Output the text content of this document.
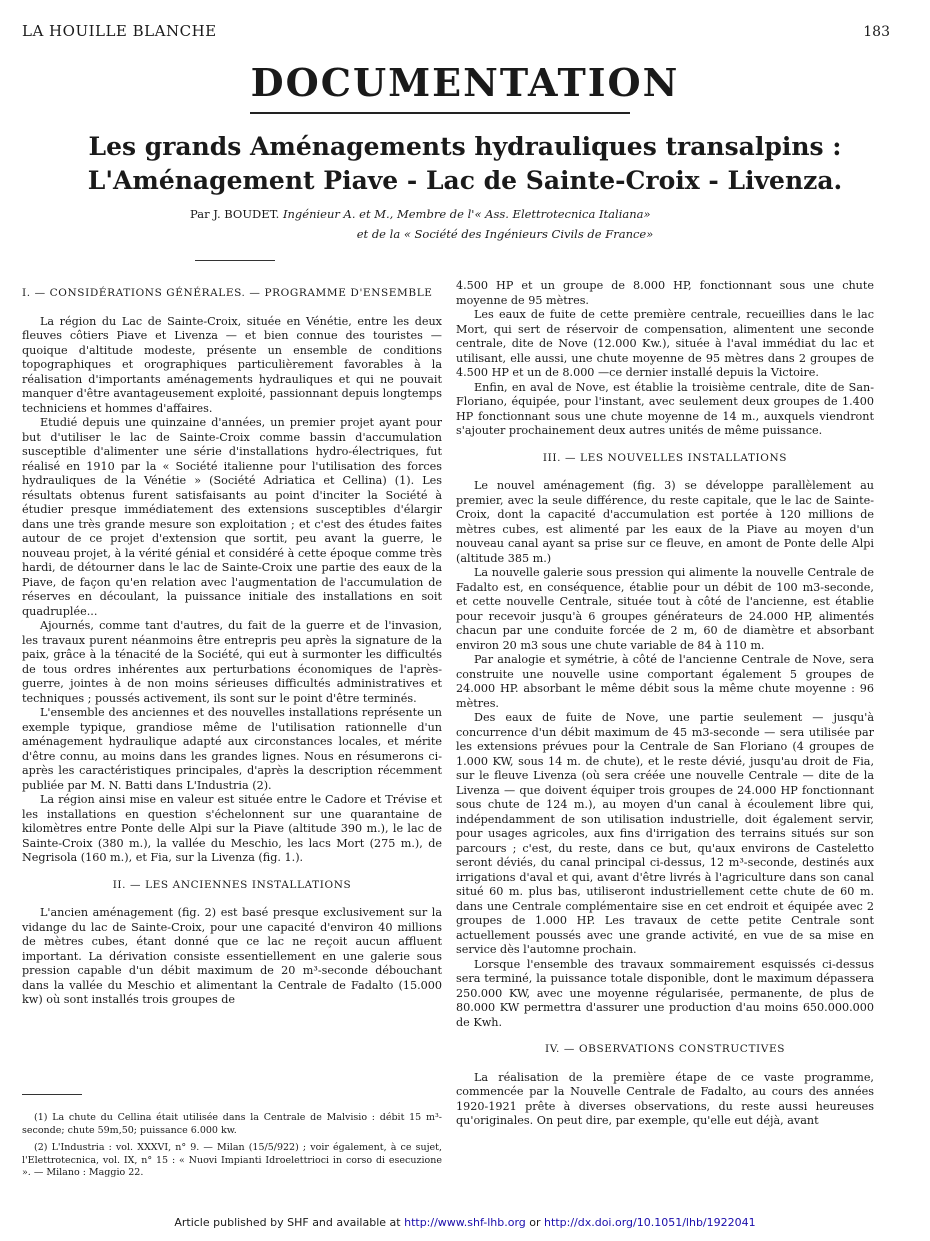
LA HOUILLE BLANCHE	183
DOCUMENTATION
Les grands Aménagements hydrauliques transalpins :
L'Aménagement Piave - Lac de Sainte-Croix - Livenza.
Par J. BOUDET. Ingénieur A. et M., Membre de l'« Ass. Elettrotecnica Italiana»
et de la « Société des Ingénieurs Civils de France»
I. — CONSIDÉRATIONS GÉNÉRALES. — PROGRAMME D'ENSEMBLE

La région du Lac de Sainte-Croix, située en Vénétie, entre les deux fleuves côtiers Piave et Livenza — et bien connue des touristes — quoique d'altitude modeste, présente un ensemble de conditions topographiques et orographiques particulièrement favorables à la réalisation d'importants aménagements hydrauliques et qui ne pouvait manquer d'être avantageusement exploité, passionnant depuis longtemps techniciens et hommes d'affaires.

Etudié depuis une quinzaine d'années, un premier projet ayant pour but d'utiliser le lac de Sainte-Croix comme bassin d'accumulation susceptible d'alimenter une série d'installations hydro-électriques, fut réalisé en 1910 par la « Société italienne pour l'utilisation des forces hydrauliques de la Vénétie » (Société Adriatica et Cellina) (1). Les résultats obtenus furent satisfaisants au point d'inciter la Société à étudier presque immédiatement des extensions susceptibles d'élargir dans une très grande mesure son exploitation ; et c'est des études faites autour de ce projet d'extension que sortit, peu avant la guerre, le nouveau projet, à la vérité génial et considéré à cette époque comme très hardi, de détourner dans le lac de Sainte-Croix une partie des eaux de la Piave, de façon qu'en relation avec l'augmentation de l'accumulation de réserves en découlant, la puissance initiale des installations en soit quadruplée...

Ajournés, comme tant d'autres, du fait de la guerre et de l'invasion, les travaux purent néanmoins être entrepris peu après la signature de la paix, grâce à la ténacité de la Société, qui eut à surmonter les difficultés de tous ordres inhérentes aux perturbations économiques de l'après-guerre, jointes à de non moins sérieuses difficultés administratives et techniques ; poussés activement, ils sont sur le point d'être terminés.

L'ensemble des anciennes et des nouvelles installations représente un exemple typique, grandiose même de l'utilisation rationnelle d'un aménagement hydraulique adapté aux circonstances locales, et mérite d'être connu, au moins dans les grandes lignes. Nous en résumerons ci-après les caractéristiques principales, d'après la description récemment publiée par M. N. Batti dans L'Industria (2).

La région ainsi mise en valeur est située entre le Cadore et Trévise et les installations en question s'échelonnent sur une quarantaine de kilomètres entre Ponte delle Alpi sur la Piave (altitude 390 m.), le lac de Sainte-Croix (380 m.), la vallée du Meschio, les lacs Mort (275 m.), de Negrisola (160 m.), et Fia, sur la Livenza (fig. 1.).

II. — LES ANCIENNES INSTALLATIONS

L'ancien aménagement (fig. 2) est basé presque exclusivement sur la vidange du lac de Sainte-Croix, pour une capacité d'environ 40 millions de mètres cubes, étant donné que ce lac ne reçoit aucun affluent important. La dérivation consiste essentiellement en une galerie sous pression capable d'un débit maximum de 20 m³-seconde débouchant dans la vallée du Meschio et alimentant la Centrale de Fadalto (15.000 kw) où sont installés trois groupes de

4.500 HP et un groupe de 8.000 HP, fonctionnant sous une chute moyenne de 95 mètres.

Les eaux de fuite de cette première centrale, recueillies dans le lac Mort, qui sert de réservoir de compensation, alimentent une seconde centrale, dite de Nove (12.000 Kw.), située à l'aval immédiat du lac et utilisant, elle aussi, une chute moyenne de 95 mètres dans 2 groupes de 4.500 HP et un de 8.000 —ce dernier installé depuis la Victoire.

Enfin, en aval de Nove, est établie la troisième centrale, dite de San-Floriano, équipée, pour l'instant, avec seulement deux groupes de 1.400 HP fonctionnant sous une chute moyenne de 14 m., auxquels viendront s'ajouter prochainement deux autres unités de même puissance.

III. — LES NOUVELLES INSTALLATIONS

Le nouvel aménagement (fig. 3) se développe parallèlement au premier, avec la seule différence, du reste capitale, que le lac de Sainte-Croix, dont la capacité d'accumulation est portée à 120 millions de mètres cubes, est alimenté par les eaux de la Piave au moyen d'un nouveau canal ayant sa prise sur ce fleuve, en amont de Ponte delle Alpi (altitude 385 m.)

La nouvelle galerie sous pression qui alimente la nouvelle Centrale de Fadalto est, en conséquence, établie pour un débit de 100 m3-seconde, et cette nouvelle Centrale, située tout à côté de l'ancienne, est établie pour recevoir jusqu'à 6 groupes générateurs de 24.000 HP, alimentés chacun par une conduite forcée de 2 m, 60 de diamètre et absorbant environ 20 m3 sous une chute variable de 84 à 110 m.

Par analogie et symétrie, à côté de l'ancienne Centrale de Nove, sera construite une nouvelle usine comportant également 5 groupes de 24.000 HP. absorbant le même débit sous la même chute moyenne : 96 mètres.

Des eaux de fuite de Nove, une partie seulement — jusqu'à concurrence d'un débit maximum de 45 m3-seconde — sera utilisée par les extensions prévues pour la Centrale de San Floriano (4 groupes de 1.000 KW, sous 14 m. de chute), et le reste dévié, jusqu'au droit de Fia, sur le fleuve Livenza (où sera créée une nouvelle Centrale — dite de la Livenza — que doivent équiper trois groupes de 24.000 HP fonctionnant sous chute de 124 m.), au moyen d'un canal à écoulement libre qui, indépendamment de son utilisation industrielle, doit également servir, pour usages agricoles, aux fins d'irrigation des terrains situés sur son parcours ; c'est, du reste, dans ce but, qu'aux environs de Casteletto seront déviés, du canal principal ci-dessus, 12 m³-seconde, destinés aux irrigations d'aval et qui, avant d'être livrés à l'agriculture dans son canal situé 60 m. plus bas, utiliseront industriellement cette chute de 60 m. dans une Centrale complémentaire sise en cet endroit et équipée avec 2 groupes de 1.000 HP. Les travaux de cette petite Centrale sont actuellement poussés avec une grande activité, en vue de sa mise en service dès l'automne prochain.

Lorsque l'ensemble des travaux sommairement esquissés ci-dessus sera terminé, la puissance totale disponible, dont le maximum dépassera 250.000 KW, avec une moyenne régularisée, permanente, de plus de 80.000 KW permettra d'assurer une production d'au moins 650.000.000 de Kwh.

IV. — OBSERVATIONS CONSTRUCTIVES

La réalisation de la première étape de ce vaste programme, commencée par la Nouvelle Centrale de Fadalto, au cours des années 1920-1921 prête à diverses observations, du reste aussi heureuses qu'originales. On peut dire, par exemple, qu'elle eut déjà, avant

(1) La chute du Cellina était utilisée dans la Centrale de Malvisio : débit 15 m³-seconde; chute 59m,50; puissance 6.000 kw.

(2) L'Industria : vol. XXXVI, n° 9. — Milan (15/5/922) ; voir également, à ce sujet, l'Elettrotecnica, vol. IX, n° 15 : « Nuovi Impianti Idroelettrioci in corso di esecuzione ». — Milano : Maggio 22.

Article published by SHF and available at http://www.shf-lhb.org or http://dx.doi.org/10.1051/lhb/1922041
